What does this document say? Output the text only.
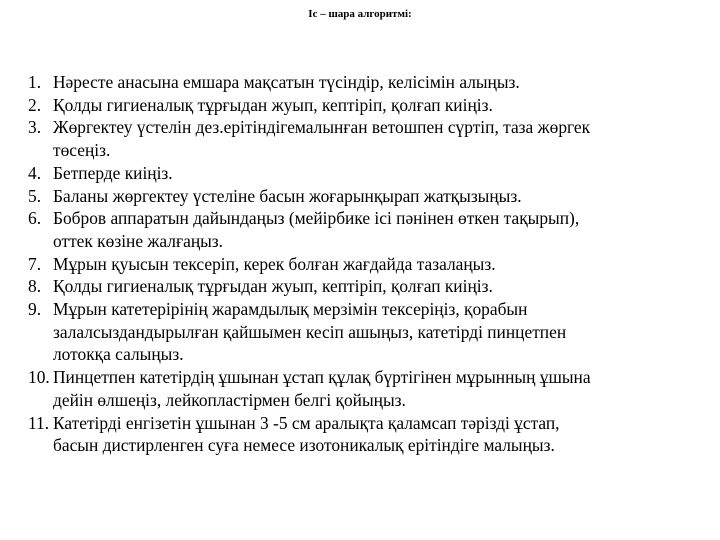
Іс – шара алгоритмі:
1. Нәресте анасына емшара мақсатын түсіндір, келісімін алыңыз.
2. Қолды гигиеналық тұрғыдан жуып, кептіріп, қолғап киіңіз.
3. Жөргектеу үстелін дез.ерітіндігемалынған ветошпен сүртіп, таза жөргек
төсеңіз.
4. Бетперде киіңіз.
5. Баланы жөргектеу үстеліне басын жоғарынқырап жатқызыңыз.
6. Бобров аппаратын дайындаңыз (мейірбике ісі пәнінен өткен тақырып),
оттек көзіне жалғаңыз.
7. Мұрын қуысын тексеріп, керек болған жағдайда тазалаңыз.
8. Қолды гигиеналық тұрғыдан жуып, кептіріп, қолғап киіңіз.
9. Мұрын катетерірінің жарамдылық мерзімін тексеріңіз, қорабын
залалсыздандырылған қайшымен кесіп ашыңыз, катетірді пинцетпен
лотокқа салыңыз.
10. Пинцетпен катетірдің ұшынан ұстап құлақ бүртігінен мұрынның ұшына
дейін өлшеңіз, лейкопластірмен белгі қойыңыз.
11. Катетірді енгізетін ұшынан 3 -5 см аралықта қаламсап тәрізді ұстап,
басын дистирленген суға немесе изотоникалық ерітіндіге малыңыз.
